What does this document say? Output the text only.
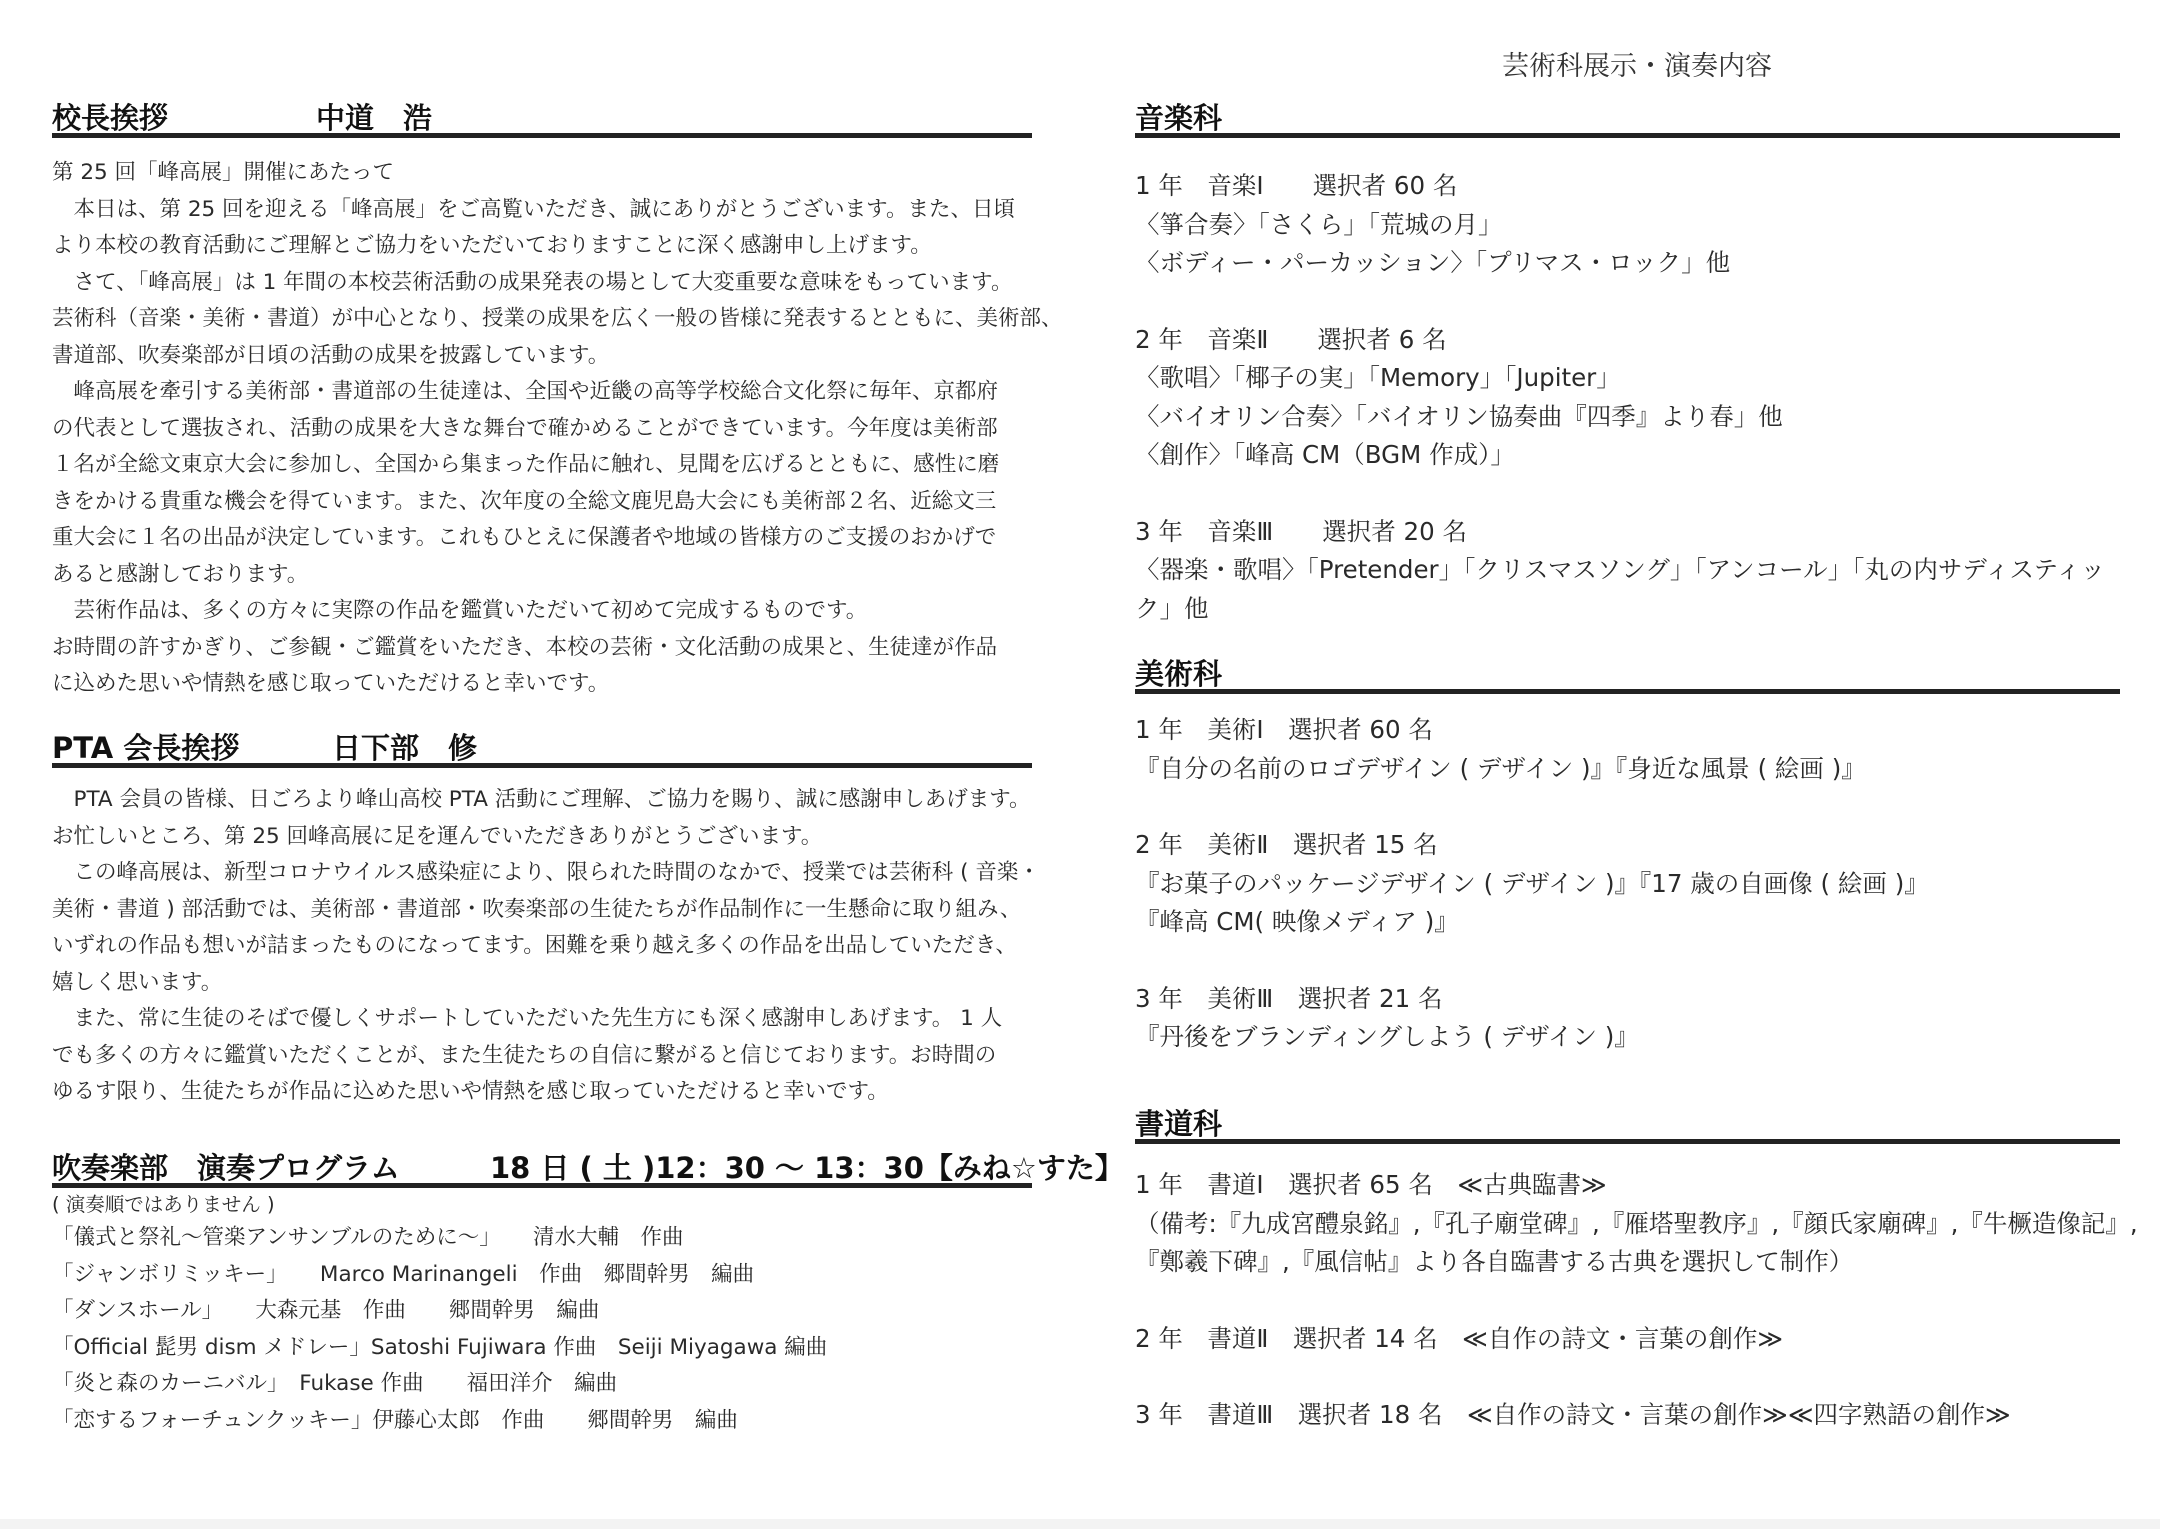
校長挨拶	中道　浩
第 25 回「峰高展」開催にあたって
　本日は、第 25 回を迎える「峰高展」をご高覧いただき、誠にありがとうございます。また、日頃
より本校の教育活動にご理解とご協力をいただいておりますことに深く感謝申し上げます。
　さて、「峰高展」は 1 年間の本校芸術活動の成果発表の場として大変重要な意味をもっています。
芸術科（音楽・美術・書道）が中心となり、授業の成果を広く一般の皆様に発表するとともに、美術部、
書道部、吹奏楽部が日頃の活動の成果を披露しています。
　峰高展を牽引する美術部・書道部の生徒達は、全国や近畿の高等学校総合文化祭に毎年、京都府
の代表として選抜され、活動の成果を大きな舞台で確かめることができています。今年度は美術部
１名が全総文東京大会に参加し、全国から集まった作品に触れ、見聞を広げるとともに、感性に磨
きをかける貴重な機会を得ています。また、次年度の全総文鹿児島大会にも美術部２名、近総文三
重大会に１名の出品が決定しています。これもひとえに保護者や地域の皆様方のご支援のおかげで
あると感謝しております。
　芸術作品は、多くの方々に実際の作品を鑑賞いただいて初めて完成するものです。
お時間の許すかぎり、ご参観・ご鑑賞をいただき、本校の芸術・文化活動の成果と、生徒達が作品
に込めた思いや情熱を感じ取っていただけると幸いです。
PTA 会長挨拶	日下部　修
　PTA 会員の皆様、日ごろより峰山高校 PTA 活動にご理解、ご協力を賜り、誠に感謝申しあげます。
お忙しいところ、第 25 回峰高展に足を運んでいただきありがとうございます。
　この峰高展は、新型コロナウイルス感染症により、限られた時間のなかで、授業では芸術科 ( 音楽・
美術・書道 ) 部活動では、美術部・書道部・吹奏楽部の生徒たちが作品制作に一生懸命に取り組み、
いずれの作品も想いが詰まったものになってます。困難を乗り越え多くの作品を出品していただき、
嬉しく思います。
　また、常に生徒のそばで優しくサポートしていただいた先生方にも深く感謝申しあげます。 1 人
でも多くの方々に鑑賞いただくことが、また生徒たちの自信に繋がると信じております。お時間の
ゆるす限り、生徒たちが作品に込めた思いや情熱を感じ取っていただけると幸いです。
吹奏楽部　演奏プログラム	18 日 ( 土 )12：30 ～ 13：30【みね☆すた】
( 演奏順ではありません )
「儀式と祭礼～管楽アンサンブルのために～」　　清水大輔　作曲
「ジャンボリミッキー」　　Marco Marinangeli　作曲　郷間幹男　編曲
「ダンスホール」　　大森元基　作曲　　郷間幹男　編曲
「Official 髭男 dism メドレー」Satoshi Fujiwara 作曲　Seiji Miyagawa 編曲
「炎と森のカーニバル」　Fukase 作曲　　福田洋介　編曲
「恋するフォーチュンクッキー」伊藤心太郎　作曲　　郷間幹男　編曲
芸術科展示・演奏内容
音楽科
1 年　音楽Ⅰ　　選択者 60 名
〈箏合奏〉「さくら」「荒城の月」
〈ボディー・パーカッション〉「プリマス・ロック」他
2 年　音楽Ⅱ　　選択者 6 名
〈歌唱〉「椰子の実」「Memory」「Jupiter」
〈バイオリン合奏〉「バイオリン協奏曲『四季』より春」他
〈創作〉「峰高 CM（BGM 作成）」
3 年　音楽Ⅲ　　選択者 20 名
〈器楽・歌唱〉「Pretender」「クリスマスソング」「アンコール」「丸の内サディスティッ
ク」他
美術科
1 年　美術Ⅰ　選択者 60 名
『自分の名前のロゴデザイン ( デザイン )』『身近な風景 ( 絵画 )』
2 年　美術Ⅱ　選択者 15 名
『お菓子のパッケージデザイン ( デザイン )』『17 歳の自画像 ( 絵画 )』
『峰高 CM( 映像メディア )』
3 年　美術Ⅲ　選択者 21 名
『丹後をブランディングしよう ( デザイン )』
書道科
1 年　書道Ⅰ　選択者 65 名　≪古典臨書≫
（備考:『九成宮醴泉銘』,『孔子廟堂碑』,『雁塔聖教序』,『顔氏家廟碑』,『牛橛造像記』,
『鄭羲下碑』,『風信帖』より各自臨書する古典を選択して制作）
2 年　書道Ⅱ　選択者 14 名　≪自作の詩文・言葉の創作≫
3 年　書道Ⅲ　選択者 18 名　≪自作の詩文・言葉の創作≫≪四字熟語の創作≫
